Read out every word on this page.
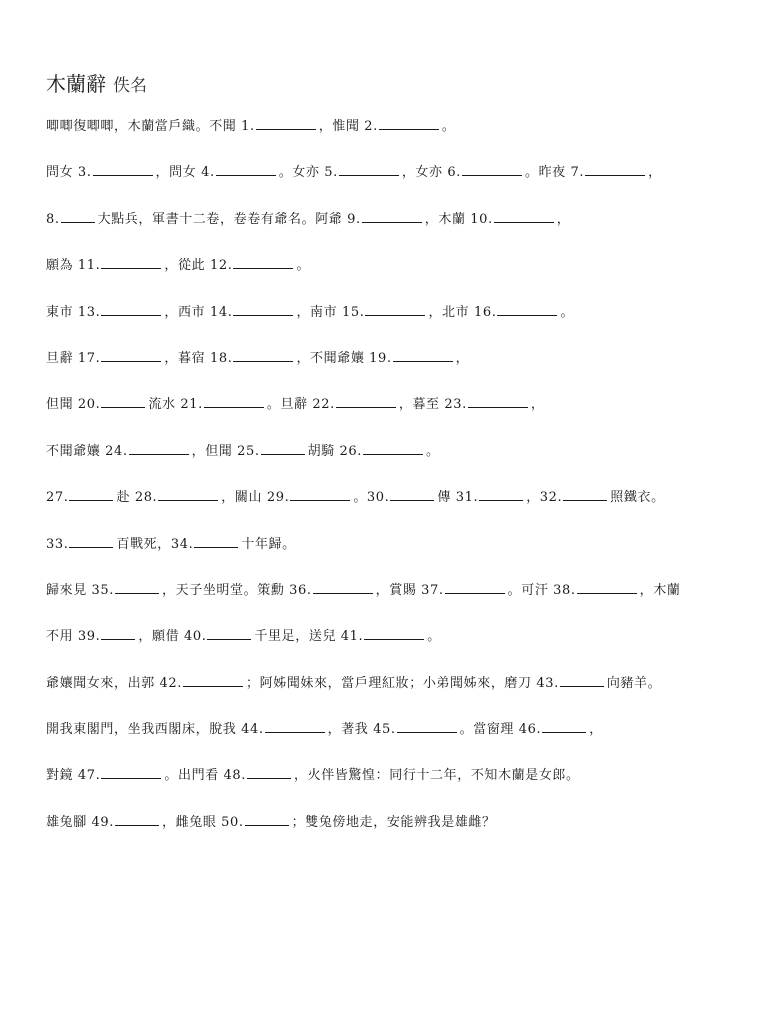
木蘭辭 佚名
唧唧復唧唧，木蘭當戶織。不聞 1.	，惟聞 2.	。
問女 3.	，問女 4.	。女亦 5.	，女亦 6.	。昨夜 7.	，
8.	大點兵，軍書十二卷，卷卷有爺名。阿爺 9.	，木蘭 10.	，
願為 11.	，從此 12.	。
東市 13.	，西市 14.	，南市 15.	，北市 16.	。
旦辭 17.	，暮宿 18.	，不聞爺孃 19.	，
但聞 20.	流水 21.	。旦辭 22.	，暮至 23.	，
不聞爺孃 24.	，但聞 25.	胡騎 26.	。
27.	赴 28.	，關山 29.	。30.	傳 31.	，32.	照鐵衣。
33.	百戰死，34.	十年歸。
歸來見 35.	，天子坐明堂。策勳 36.	，賞賜 37.	。可汗 38.	，木蘭
不用 39.	，願借 40.	千里足，送兒 41.	。
爺孃聞女來，出郭 42.	；阿姊聞妹來，當戶理紅妝；小弟聞姊來，磨刀 43.	向豬羊。
開我東閣門，坐我西閣床，脫我 44.	，著我 45.	。當窗理 46.	，
對鏡 47.	。出門看 48.	，火伴皆驚惶：同行十二年，不知木蘭是女郎。
雄兔腳 49.	，雌兔眼 50.	；雙兔傍地走，安能辨我是雄雌？
